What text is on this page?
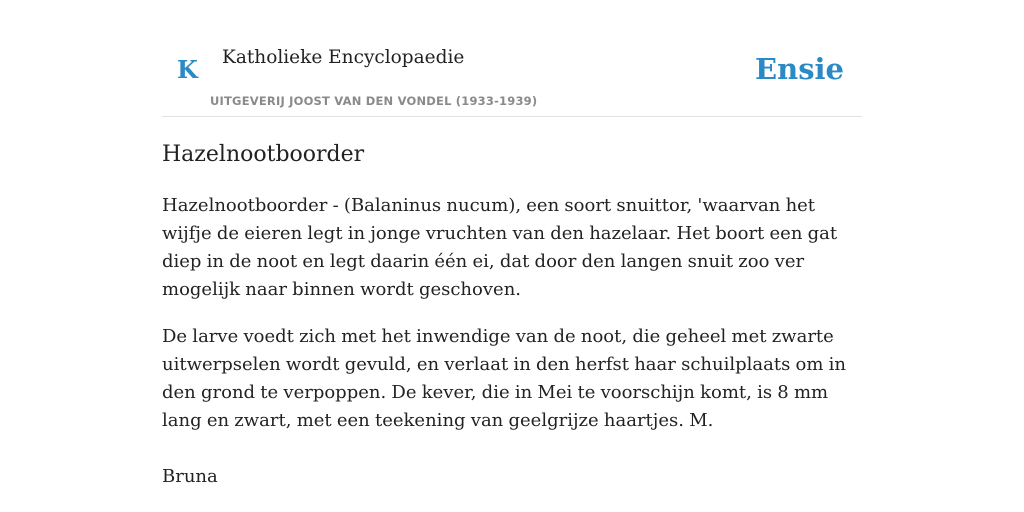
K Katholieke Encyclopaedie
UITGEVERIJ JOOST VAN DEN VONDEL (1933-1939)
Ensie
Hazelnootboorder

Hazelnootboorder - (Balaninus nucum), een soort snuittor, 'waarvan het wijfje de eieren legt in jonge vruchten van den hazelaar. Het boort een gat diep in de noot en legt daarin één ei, dat door den langen snuit zoo ver mogelijk naar binnen wordt geschoven.

De larve voedt zich met het inwendige van de noot, die geheel met zwarte uitwerpselen wordt gevuld, en verlaat in den herfst haar schuilplaats om in den grond te verpoppen. De kever, die in Mei te voorschijn komt, is 8 mm lang en zwart, met een teekening van geelgrijze haartjes. M.

Bruna
